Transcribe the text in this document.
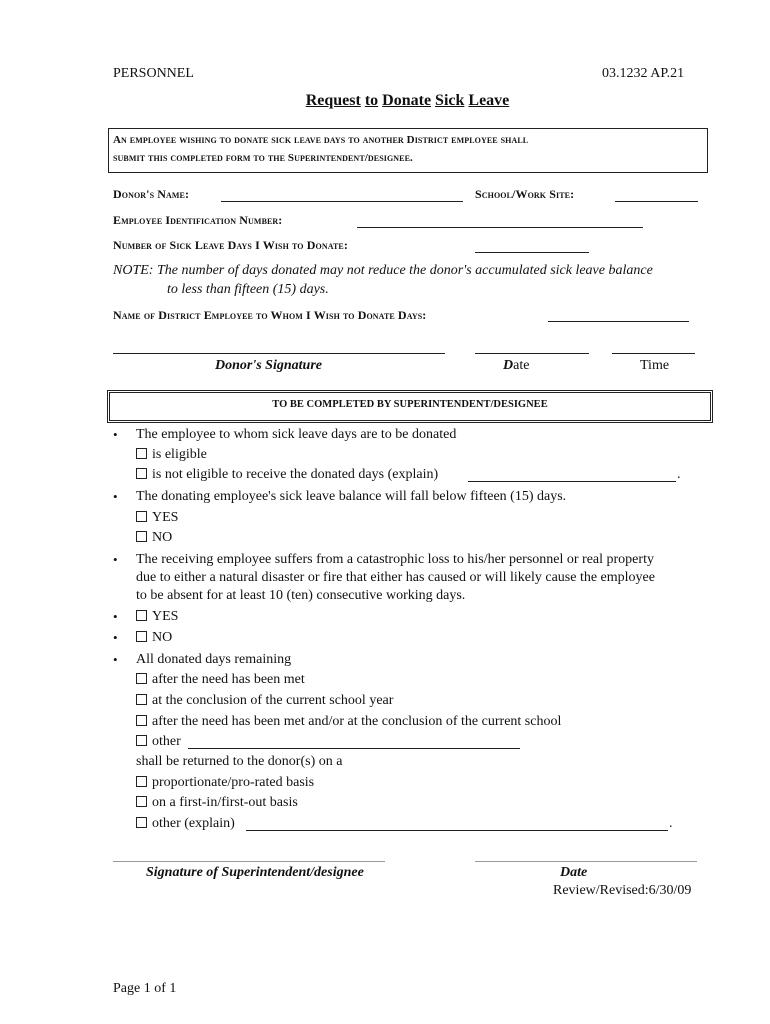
PERSONNEL	03.1232 AP.21
Request to Donate Sick Leave
An employee wishing to donate sick leave days to another District employee shall
submit this completed form to the Superintendent/designee.
Donor's Name:	School/Work Site:
Employee Identification Number:
Number of Sick Leave Days I Wish to Donate:
NOTE: The number of days donated may not reduce the donor's accumulated sick leave balance
to less than fifteen (15) days.
Name of District Employee to Whom I Wish to Donate Days:
Donor's Signature	Date	Time
TO BE COMPLETED BY SUPERINTENDENT/DESIGNEE
• The employee to whom sick leave days are to be donated
is eligible
is not eligible to receive the donated days (explain)	.
• The donating employee's sick leave balance will fall below fifteen (15) days.
YES
NO
• The receiving employee suffers from a catastrophic loss to his/her personnel or real property
due to either a natural disaster or fire that either has caused or will likely cause the employee
to be absent for at least 10 (ten) consecutive working days.
•	YES
•	NO
• All donated days remaining
after the need has been met
at the conclusion of the current school year
after the need has been met and/or at the conclusion of the current school
other
shall be returned to the donor(s) on a
proportionate/pro-rated basis
on a first-in/first-out basis
other (explain)	.
Signature of Superintendent/designee	Date
Review/Revised:6/30/09
Page 1 of 1
